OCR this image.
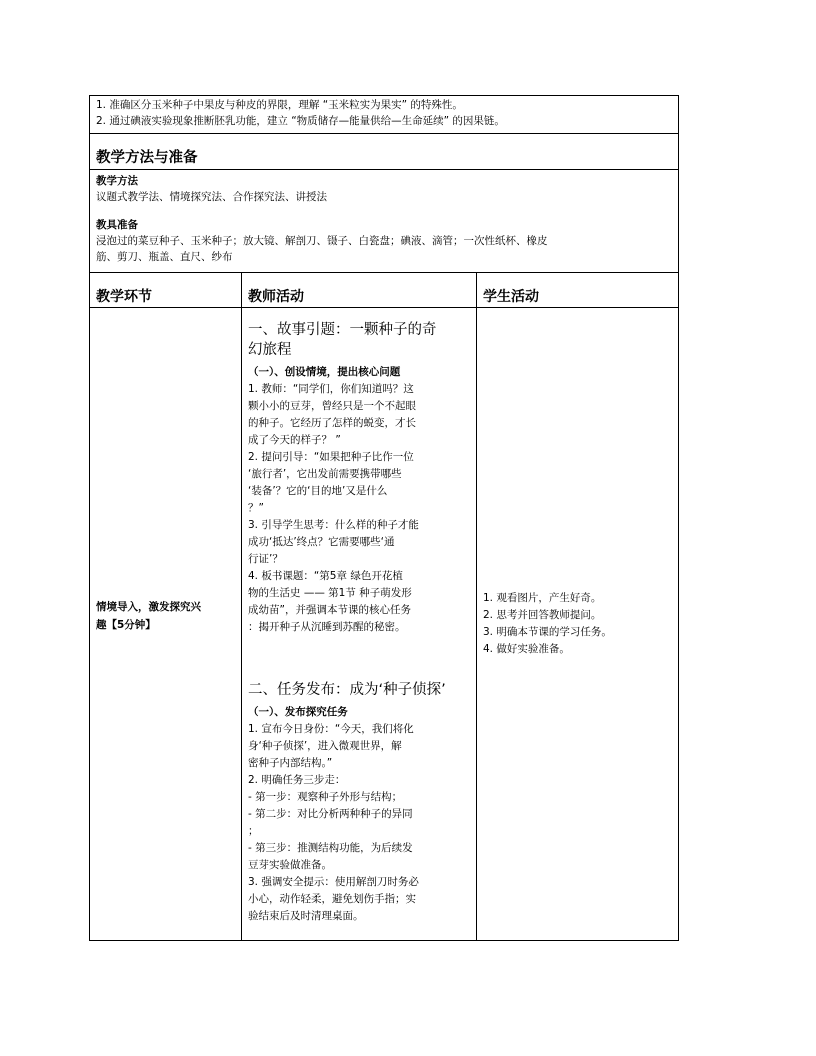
1. 准确区分玉米种子中果皮与种皮的界限，理解 “玉米粒实为果实” 的特殊性。
2. 通过碘液实验现象推断胚乳功能，建立 “物质储存—能量供给—生命延续” 的因果链。
教学方法与准备
教学方法
议题式教学法、情境探究法、合作探究法、讲授法
教具准备
浸泡过的菜豆种子、玉米种子；放大镜、解剖刀、镊子、白瓷盘；碘液、滴管；一次性纸杯、橡皮
筋、剪刀、瓶盖、直尺、纱布
教学环节	教师活动	学生活动
情境导入，激发探究兴
趣【5分钟】
一、故事引题：一颗种子的奇
幻旅程
（一）、创设情境，提出核心问题
1. 教师：“同学们，你们知道吗？这
颗小小的豆芽，曾经只是一个不起眼
的种子。它经历了怎样的蜕变，才长
成了今天的样子？ ”
2. 提问引导：“如果把种子比作一位
‘旅行者’，它出发前需要携带哪些
‘装备’？它的‘目的地’又是什么
？”
3. 引导学生思考：什么样的种子才能
成功‘抵达’终点？它需要哪些‘通
行证’？
4. 板书课题：“第5章 绿色开花植
物的生活史 —— 第1节 种子萌发形
成幼苗”，并强调本节课的核心任务
：揭开种子从沉睡到苏醒的秘密。
二、任务发布：成为‘种子侦探’
（一）、发布探究任务
1. 宣布今日身份：“今天，我们将化
身‘种子侦探’，进入微观世界，解
密种子内部结构。”
2. 明确任务三步走：
- 第一步：观察种子外形与结构；
- 第二步：对比分析两种种子的异同
；
- 第三步：推测结构功能，为后续发
豆芽实验做准备。
3. 强调安全提示：使用解剖刀时务必
小心，动作轻柔，避免划伤手指；实
验结束后及时清理桌面。
1. 观看图片，产生好奇。
2. 思考并回答教师提问。
3. 明确本节课的学习任务。
4. 做好实验准备。
